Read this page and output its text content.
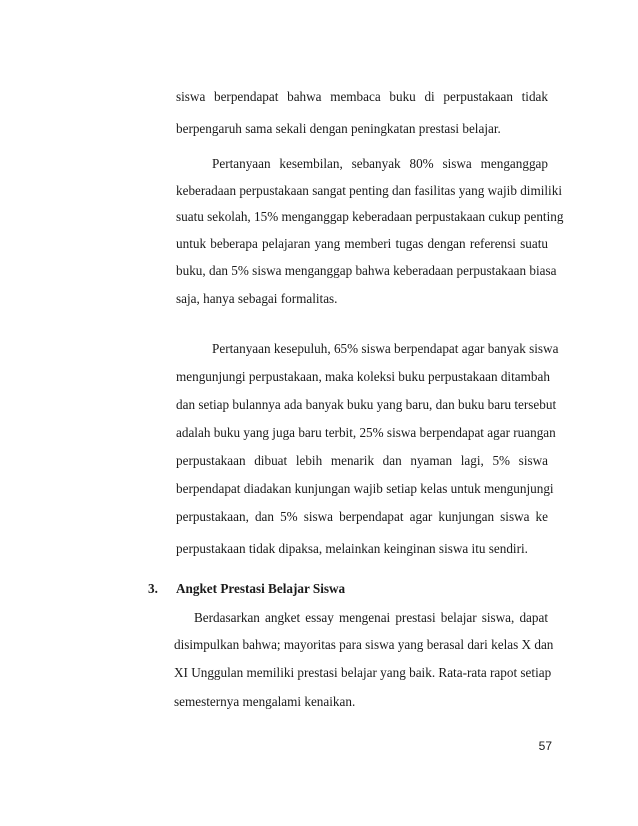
siswa berpendapat bahwa membaca buku di perpustakaan tidak
berpengaruh sama sekali dengan peningkatan prestasi belajar.
Pertanyaan kesembilan, sebanyak 80% siswa menganggap
keberadaan perpustakaan sangat penting dan fasilitas yang wajib dimiliki
suatu sekolah, 15% menganggap keberadaan perpustakaan cukup penting
untuk beberapa pelajaran yang memberi tugas dengan referensi suatu
buku, dan 5% siswa menganggap bahwa keberadaan perpustakaan biasa
saja, hanya sebagai formalitas.
Pertanyaan kesepuluh, 65% siswa berpendapat agar banyak siswa
mengunjungi perpustakaan, maka koleksi buku perpustakaan ditambah
dan setiap bulannya ada banyak buku yang baru, dan buku baru tersebut
adalah buku yang juga baru terbit, 25% siswa berpendapat agar ruangan
perpustakaan dibuat lebih menarik dan nyaman lagi, 5% siswa
berpendapat diadakan kunjungan wajib setiap kelas untuk mengunjungi
perpustakaan, dan 5% siswa berpendapat agar kunjungan siswa ke
perpustakaan tidak dipaksa, melainkan keinginan siswa itu sendiri.
3. Angket Prestasi Belajar Siswa
Berdasarkan angket essay mengenai prestasi belajar siswa, dapat
disimpulkan bahwa; mayoritas para siswa yang berasal dari kelas X dan
XI Unggulan memiliki prestasi belajar yang baik. Rata-rata rapot setiap
semesternya mengalami kenaikan.
57
